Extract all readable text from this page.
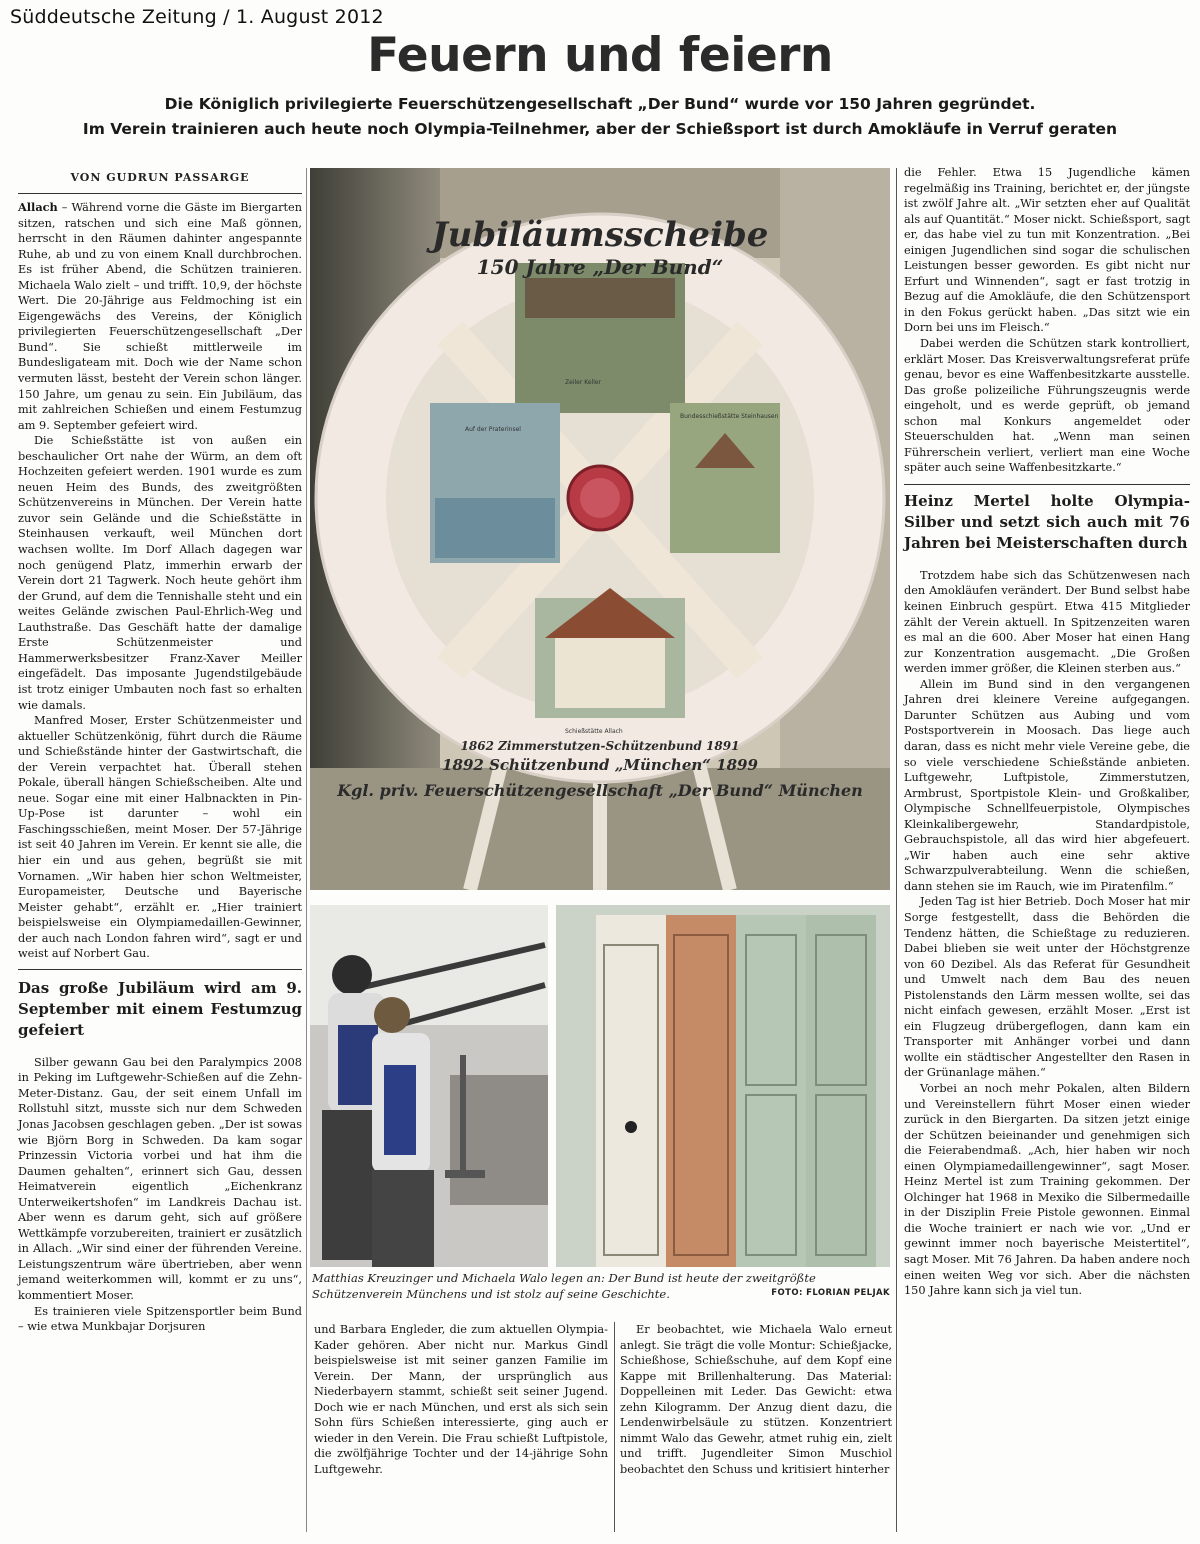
Süddeutsche Zeitung / 1. August 2012
Feuern und feiern
Die Königlich privilegierte Feuerschützengesellschaft „Der Bund“ wurde vor 150 Jahren gegründet.
Im Verein trainieren auch heute noch Olympia-Teilnehmer, aber der Schießsport ist durch Amokläufe in Verruf geraten
VON GUDRUN PASSARGE

Allach – Während vorne die Gäste im Biergarten sitzen, ratschen und sich eine Maß gönnen, herrscht in den Räumen dahinter angespannte Ruhe, ab und zu von einem Knall durchbrochen. Es ist früher Abend, die Schützen trainieren. Michaela Walo zielt – und trifft. 10,9, der höchste Wert. Die 20-Jährige aus Feldmoching ist ein Eigengewächs des Vereins, der Königlich privilegierten Feuerschützengesellschaft „Der Bund“. Sie schießt mittlerweile im Bundesligateam mit. Doch wie der Name schon vermuten lässt, besteht der Verein schon länger. 150 Jahre, um genau zu sein. Ein Jubiläum, das mit zahlreichen Schießen und einem Festumzug am 9. September gefeiert wird.

Die Schießstätte ist von außen ein beschaulicher Ort nahe der Würm, an dem oft Hochzeiten gefeiert werden. 1901 wurde es zum neuen Heim des Bunds, des zweitgrößten Schützenvereins in München. Der Verein hatte zuvor sein Gelände und die Schießstätte in Steinhausen verkauft, weil München dort wachsen wollte. Im Dorf Allach dagegen war noch genügend Platz, immerhin erwarb der Verein dort 21 Tagwerk. Noch heute gehört ihm der Grund, auf dem die Tennishalle steht und ein weites Gelände zwischen Paul-Ehrlich-Weg und Lauthstraße. Das Geschäft hatte der damalige Erste Schützenmeister und Hammerwerksbesitzer Franz-Xaver Meiller eingefädelt. Das imposante Jugendstilgebäude ist trotz einiger Umbauten noch fast so erhalten wie damals.

Manfred Moser, Erster Schützenmeister und aktueller Schützenkönig, führt durch die Räume und Schießstände hinter der Gastwirtschaft, die der Verein verpachtet hat. Überall stehen Pokale, überall hängen Schießscheiben. Alte und neue. Sogar eine mit einer Halbnackten in Pin-Up-Pose ist darunter – wohl ein Faschingsschießen, meint Moser. Der 57-Jährige ist seit 40 Jahren im Verein. Er kennt sie alle, die hier ein und aus gehen, begrüßt sie mit Vornamen. „Wir haben hier schon Weltmeister, Europameister, Deutsche und Bayerische Meister gehabt“, erzählt er. „Hier trainiert beispielsweise ein Olympiamedaillen-Gewinner, der auch nach London fahren wird“, sagt er und weist auf Norbert Gau.

Das große Jubiläum wird am 9. September mit einem Festumzug gefeiert

Silber gewann Gau bei den Paralympics 2008 in Peking im Luftgewehr-Schießen auf die Zehn-Meter-Distanz. Gau, der seit einem Unfall im Rollstuhl sitzt, musste sich nur dem Schweden Jonas Jacobsen geschlagen geben. „Der ist sowas wie Björn Borg in Schweden. Da kam sogar Prinzessin Victoria vorbei und hat ihm die Daumen gehalten“, erinnert sich Gau, dessen Heimatverein eigentlich „Eichenkranz Unterweikertshofen“ im Landkreis Dachau ist. Aber wenn es darum geht, sich auf größere Wettkämpfe vorzubereiten, trainiert er zusätzlich in Allach. „Wir sind einer der führenden Vereine. Leistungszentrum wäre übertrieben, aber wenn jemand weiterkommen will, kommt er zu uns“, kommentiert Moser.

Es trainieren viele Spitzensportler beim Bund – wie etwa Munkbajar Dorjsuren

Jubiläumsscheibe
150 Jahre „Der Bund“
Auf der Praterinsel
Bundesschießstätte Steinhausen
Schießstätte Allach
Zeiler Keller
1862 Zimmerstutzen-Schützenbund 1891
1892 Schützenbund „München“ 1899
Kgl. priv. Feuerschützengesellschaft „Der Bund“ München
Matthias Kreuzinger und Michaela Walo legen an: Der Bund ist heute der zweitgrößte Schützenverein Münchens und ist stolz auf seine Geschichte.	FOTO: FLORIAN PELJAK

und Barbara Engleder, die zum aktuellen Olympia-Kader gehören. Aber nicht nur. Markus Gindl beispielsweise ist mit seiner ganzen Familie im Verein. Der Mann, der ursprünglich aus Niederbayern stammt, schießt seit seiner Jugend. Doch wie er nach München, und erst als sich sein Sohn fürs Schießen interessierte, ging auch er wieder in den Verein. Die Frau schießt Luftpistole, die zwölfjährige Tochter und der 14-jährige Sohn Luftgewehr.

Er beobachtet, wie Michaela Walo erneut anlegt. Sie trägt die volle Montur: Schießjacke, Schießhose, Schießschuhe, auf dem Kopf eine Kappe mit Brillenhalterung. Das Material: Doppelleinen mit Leder. Das Gewicht: etwa zehn Kilogramm. Der Anzug dient dazu, die Lendenwirbelsäule zu stützen. Konzentriert nimmt Walo das Gewehr, atmet ruhig ein, zielt und trifft. Jugendleiter Simon Muschiol beobachtet den Schuss und kritisiert hinterher

die Fehler. Etwa 15 Jugendliche kämen regelmäßig ins Training, berichtet er, der jüngste ist zwölf Jahre alt. „Wir setzten eher auf Qualität als auf Quantität.“ Moser nickt. Schießsport, sagt er, das habe viel zu tun mit Konzentration. „Bei einigen Jugendlichen sind sogar die schulischen Leistungen besser geworden. Es gibt nicht nur Erfurt und Winnenden“, sagt er fast trotzig in Bezug auf die Amokläufe, die den Schützensport in den Fokus gerückt haben. „Das sitzt wie ein Dorn bei uns im Fleisch.“

Dabei werden die Schützen stark kontrolliert, erklärt Moser. Das Kreisverwaltungsreferat prüfe genau, bevor es eine Waffenbesitzkarte ausstelle. Das große polizeiliche Führungszeugnis werde eingeholt, und es werde geprüft, ob jemand schon mal Konkurs angemeldet oder Steuerschulden hat. „Wenn man seinen Führerschein verliert, verliert man eine Woche später auch seine Waffenbesitzkarte.“

Heinz Mertel holte Olympia-Silber und setzt sich auch mit 76 Jahren bei Meisterschaften durch

Trotzdem habe sich das Schützenwesen nach den Amokläufen verändert. Der Bund selbst habe keinen Einbruch gespürt. Etwa 415 Mitglieder zählt der Verein aktuell. In Spitzenzeiten waren es mal an die 600. Aber Moser hat einen Hang zur Konzentration ausgemacht. „Die Großen werden immer größer, die Kleinen sterben aus.“

Allein im Bund sind in den vergangenen Jahren drei kleinere Vereine aufgegangen. Darunter Schützen aus Aubing und vom Postsportverein in Moosach. Das liege auch daran, dass es nicht mehr viele Vereine gebe, die so viele verschiedene Schießstände anbieten. Luftgewehr, Luftpistole, Zimmerstutzen, Armbrust, Sportpistole Klein- und Großkaliber, Olympische Schnellfeuerpistole, Olympisches Kleinkalibergewehr, Standardpistole, Gebrauchspistole, all das wird hier abgefeuert. „Wir haben auch eine sehr aktive Schwarzpulverabteilung. Wenn die schießen, dann stehen sie im Rauch, wie im Piratenfilm.“

Jeden Tag ist hier Betrieb. Doch Moser hat mir Sorge festgestellt, dass die Behörden die Tendenz hätten, die Schießtage zu reduzieren. Dabei blieben sie weit unter der Höchstgrenze von 60 Dezibel. Als das Referat für Gesundheit und Umwelt nach dem Bau des neuen Pistolenstands den Lärm messen wollte, sei das nicht einfach gewesen, erzählt Moser. „Erst ist ein Flugzeug drübergeflogen, dann kam ein Transporter mit Anhänger vorbei und dann wollte ein städtischer Angestellter den Rasen in der Grünanlage mähen.“

Vorbei an noch mehr Pokalen, alten Bildern und Vereinstellern führt Moser einen wieder zurück in den Biergarten. Da sitzen jetzt einige der Schützen beieinander und genehmigen sich die Feierabendmaß. „Ach, hier haben wir noch einen Olympiamedaillengewinner“, sagt Moser. Heinz Mertel ist zum Training gekommen. Der Olchinger hat 1968 in Mexiko die Silbermedaille in der Disziplin Freie Pistole gewonnen. Einmal die Woche trainiert er nach wie vor. „Und er gewinnt immer noch bayerische Meistertitel“, sagt Moser. Mit 76 Jahren. Da haben andere noch einen weiten Weg vor sich. Aber die nächsten 150 Jahre kann sich ja viel tun.
